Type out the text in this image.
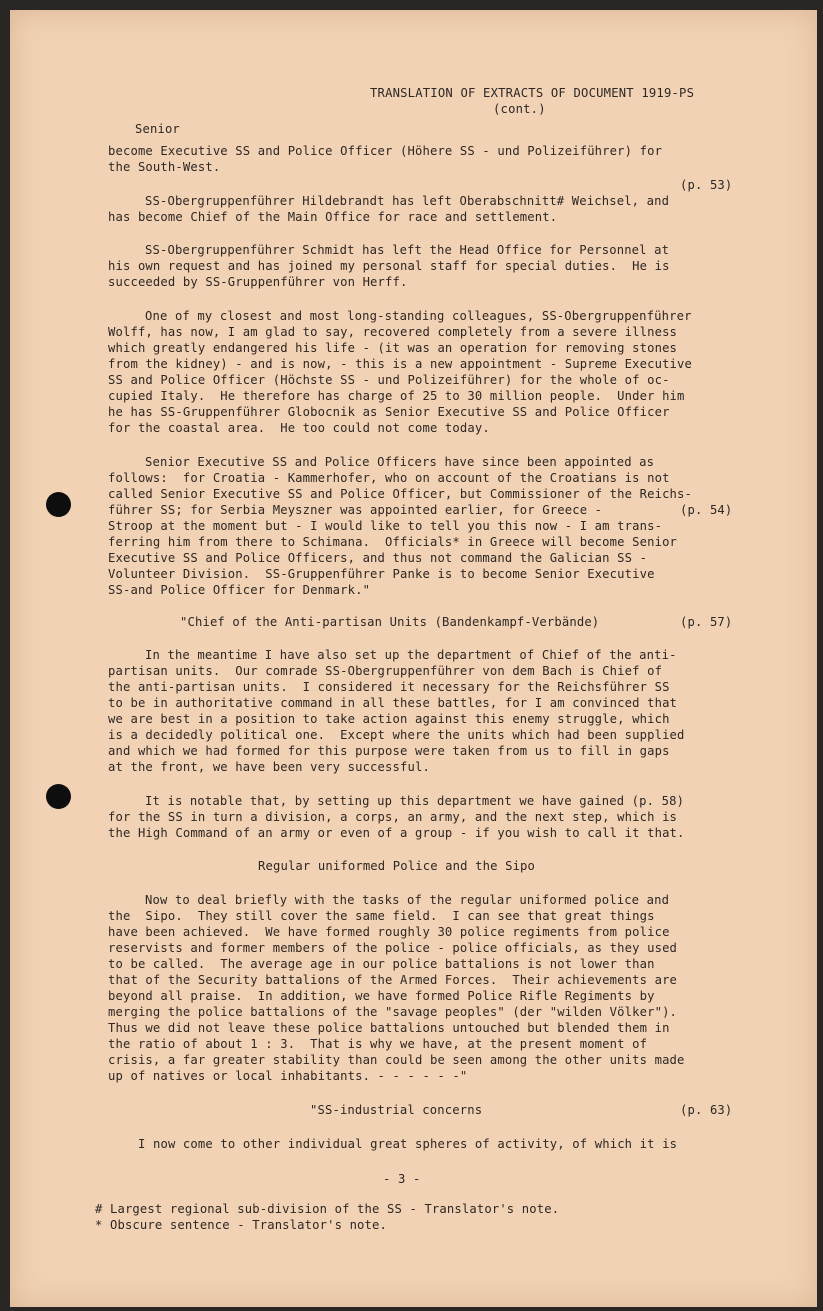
TRANSLATION OF EXTRACTS OF DOCUMENT 1919-PS
(cont.)
Senior
become Executive SS and Police Officer (Höhere SS - und Polizeiführer) for
the South-West.
(p. 53)
SS-Obergruppenführer Hildebrandt has left Oberabschnitt# Weichsel, and
has become Chief of the Main Office for race and settlement.
SS-Obergruppenführer Schmidt has left the Head Office for Personnel at
his own request and has joined my personal staff for special duties.  He is
succeeded by SS-Gruppenführer von Herff.
One of my closest and most long-standing colleagues, SS-Obergruppenführer
Wolff, has now, I am glad to say, recovered completely from a severe illness
which greatly endangered his life - (it was an operation for removing stones
from the kidney) - and is now, - this is a new appointment - Supreme Executive
SS and Police Officer (Höchste SS - und Polizeiführer) for the whole of oc-
cupied Italy.  He therefore has charge of 25 to 30 million people.  Under him
he has SS-Gruppenführer Globocnik as Senior Executive SS and Police Officer
for the coastal area.  He too could not come today.
Senior Executive SS and Police Officers have since been appointed as
follows:  for Croatia - Kammerhofer, who on account of the Croatians is not
called Senior Executive SS and Police Officer, but Commissioner of the Reichs-
führer SS; for Serbia Meyszner was appointed earlier, for Greece -	(p. 54)
Stroop at the moment but - I would like to tell you this now - I am trans-
ferring him from there to Schimana.  Officials* in Greece will become Senior
Executive SS and Police Officers, and thus not command the Galician SS -
Volunteer Division.  SS-Gruppenführer Panke is to become Senior Executive
SS-and Police Officer for Denmark."
"Chief of the Anti-partisan Units (Bandenkampf-Verbände)	(p. 57)
In the meantime I have also set up the department of Chief of the anti-
partisan units.  Our comrade SS-Obergruppenführer von dem Bach is Chief of
the anti-partisan units.  I considered it necessary for the Reichsführer SS
to be in authoritative command in all these battles, for I am convinced that
we are best in a position to take action against this enemy struggle, which
is a decidedly political one.  Except where the units which had been supplied
and which we had formed for this purpose were taken from us to fill in gaps
at the front, we have been very successful.
It is notable that, by setting up this department we have gained (p. 58)
for the SS in turn a division, a corps, an army, and the next step, which is
the High Command of an army or even of a group - if you wish to call it that.
Regular uniformed Police and the Sipo
Now to deal briefly with the tasks of the regular uniformed police and
the  Sipo.  They still cover the same field.  I can see that great things
have been achieved.  We have formed roughly 30 police regiments from police
reservists and former members of the police - police officials, as they used
to be called.  The average age in our police battalions is not lower than
that of the Security battalions of the Armed Forces.  Their achievements are
beyond all praise.  In addition, we have formed Police Rifle Regiments by
merging the police battalions of the "savage peoples" (der "wilden Völker").
Thus we did not leave these police battalions untouched but blended them in
the ratio of about 1 : 3.  That is why we have, at the present moment of
crisis, a far greater stability than could be seen among the other units made
up of natives or local inhabitants. - - - - - -"
"SS-industrial concerns	(p. 63)
I now come to other individual great spheres of activity, of which it is
- 3 -
# Largest regional sub-division of the SS - Translator's note.
* Obscure sentence - Translator's note.
